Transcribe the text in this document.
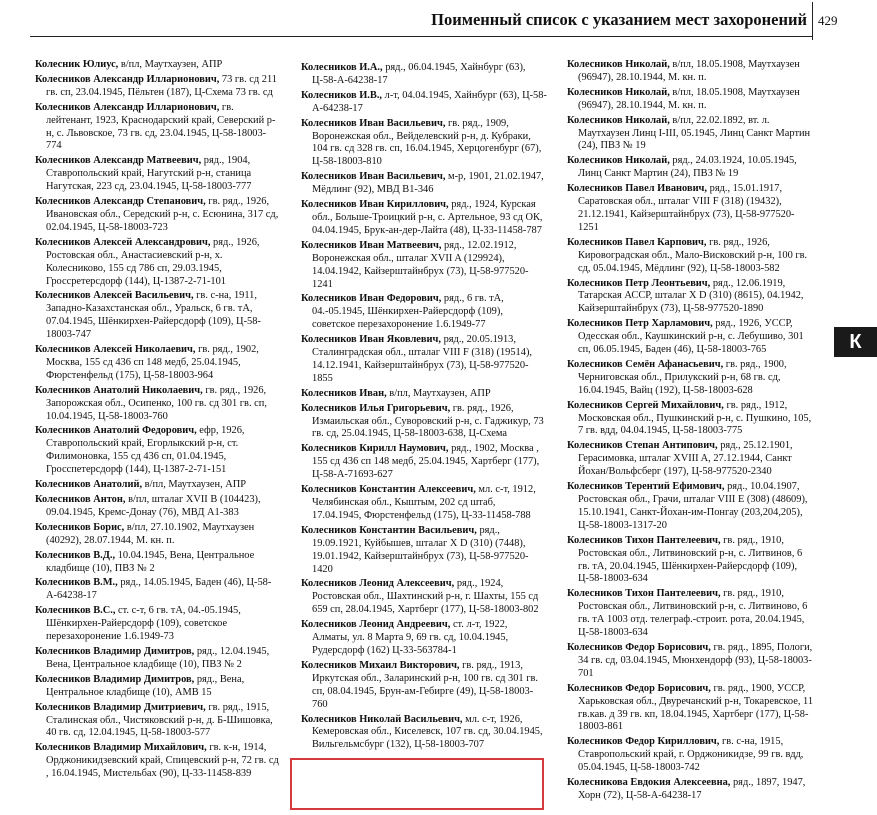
Поименный список с указанием мест захоронений 429

Колесник Юлиус, в/пл, Маутхаузен, АПР

Колесников Александр Илларионович, 73 гв. сд 211 гв. сп, 23.04.1945, Пёльтен (187), Ц-Схема 73 гв. сд

Колесников Александр Илларионович, гв. лейтенант, 1923, Краснодарский край, Северский р-н, с. Львовское, 73 гв. сд, 23.04.1945, Ц-58-18003-774

Колесников Александр Матвеевич, ряд., 1904, Ставропольский край, Нагутский р-н, станица Нагутская, 223 сд, 23.04.1945, Ц-58-18003-777

Колесников Александр Степанович, гв. ряд., 1926, Ивановская обл., Середский р-н, с. Есюнина, 317 сд, 02.04.1945, Ц-58-18003-723

Колесников Алексей Александрович, ряд., 1926, Ростовская обл., Анастасиевский р-н, х. Колесниково, 155 сд 786 сп, 29.03.1945, Гроссретерсдорф (144), Ц-1387-2-71-101

Колесников Алексей Васильевич, гв. с-на, 1911, Западно-Казахстанская обл., Уральск, 6 гв. тА, 07.04.1945, Шёнкирхен-Райерсдорф (109), Ц-58-18003-747

Колесников Алексей Николаевич, гв. ряд., 1902, Москва, 155 сд 436 сп 148 медб, 25.04.1945, Фюрстенфельд (175), Ц-58-18003-964

Колесников Анатолий Николаевич, гв. ряд., 1926, Запорожская обл., Осипенко, 100 гв. сд 301 гв. сп, 10.04.1945, Ц-58-18003-760

Колесников Анатолий Федорович, ефр, 1926, Ставропольский край, Егорлыкский р-н, ст. Филимоновка, 155 сд 436 сп, 01.04.1945, Гросспетерсдорф (144), Ц-1387-2-71-151

Колесников Анатолий, в/пл, Маутхаузен, АПР

Колесников Антон, в/пл, шталаг XVII B (104423), 09.04.1945, Кремс-Донау (76), МВД А1-383

Колесников Борис, в/пл, 27.10.1902, Маутхаузен (40292), 28.07.1944, М. кн. п.

Колесников В.Д., 10.04.1945, Вена, Центральное кладбище (10), ПВЗ № 2

Колесников В.М., ряд., 14.05.1945, Баден (46), Ц-58-А-64238-17

Колесников В.С., ст. с-т, 6 гв. тА, 04.-05.1945, Шёнкирхен-Райерсдорф (109), советское перезахоронение 1.6.1949-73

Колесников Владимир Димитров, ряд., 12.04.1945, Вена, Центральное кладбище (10), ПВЗ № 2

Колесников Владимир Димитров, ряд., Вена, Центральное кладбище (10), АМВ 15

Колесников Владимир Дмитриевич, гв. ряд., 1915, Сталинская обл., Чистяковский р-н, д. Б-Шишовка, 40 гв. сд, 12.04.1945, Ц-58-18003-577

Колесников Владимир Михайлович, гв. к-н, 1914, Орджоникидзевский край, Спицевский р-н, 72 гв. сд , 16.04.1945, Мистельбах (90), Ц-33-11458-839

Колесников И.А., ряд., 06.04.1945, Хайнбург (63), Ц-58-А-64238-17

Колесников И.В., л-т, 04.04.1945, Хайнбург (63), Ц-58-А-64238-17

Колесников Иван Васильевич, гв. ряд., 1909, Воронежская обл., Вейделевский р-н, д. Кубраки, 104 гв. сд 328 гв. сп, 16.04.1945, Херцогенбург (67), Ц-58-18003-810

Колесников Иван Васильевич, м-р, 1901, 21.02.1947, Мёдлинг (92), МВД В1-346

Колесников Иван Кириллович, ряд., 1924, Курская обл., Больше-Троицкий р-н, с. Артельное, 93 сд ОК, 04.04.1945, Брук-ан-дер-Лайта (48), Ц-33-11458-787

Колесников Иван Матвеевич, ряд., 12.02.1912, Воронежская обл., шталаг XVII A (129924), 14.04.1942, Кайзерштайнбрух (73), Ц-58-977520-1241

Колесников Иван Федорович, ряд., 6 гв. тА, 04.-05.1945, Шёнкирхен-Райерсдорф (109), советское перезахоронение 1.6.1949-77

Колесников Иван Яковлевич, ряд., 20.05.1913, Сталинградская обл., шталаг VIII F (318) (19514), 14.12.1941, Кайзерштайнбрух (73), Ц-58-977520-1855

Колесников Иван, в/пл, Маутхаузен, АПР

Колесников Илья Григорьевич, гв. ряд., 1926, Измаильская обл., Суворовский р-н, с. Гаджикур, 73 гв. сд, 25.04.1945, Ц-58-18003-638, Ц-Схема

Колесников Кирилл Наумович, ряд., 1902, Москва , 155 сд 436 сп 148 медб, 25.04.1945, Хартберг (177), Ц-58-А-71693-627

Колесников Константин Алексеевич, мл. с-т, 1912, Челябинская обл., Кыштым, 202 сд штаб, 17.04.1945, Фюрстенфельд (175), Ц-33-11458-788

Колесников Константин Васильевич, ряд., 19.09.1921, Куйбышев, шталаг X D (310) (7448), 19.01.1942, Кайзерштайнбрух (73), Ц-58-977520-1420

Колесников Леонид Алексеевич, ряд., 1924, Ростовская обл., Шахтинский р-н, г. Шахты, 155 сд 659 сп, 28.04.1945, Хартберг (177), Ц-58-18003-802

Колесников Леонид Андреевич, ст. л-т, 1922, Алматы, ул. 8 Марта 9, 69 гв. сд, 10.04.1945, Рудерсдорф (162) Ц-33-563784-1

Колесников Михаил Викторович, гв. ряд., 1913, Иркутская обл., Заларинский р-н, 100 гв. сд 301 гв. сп, 08.04.1945, Брун-ам-Гебирге (49), Ц-58-18003-760

Колесников Николай Васильевич, мл. с-т, 1926, Кемеровская обл., Киселевск, 107 гв. сд, 30.04.1945, Вильгельмсбург (132), Ц-58-18003-707

Колесников Николай, в/пл, 18.05.1908, Маутхаузен (96947), 28.10.1944, М. кн. п.

Колесников Николай, в/пл, 18.05.1908, Маутхаузен (96947), 28.10.1944, М. кн. п.

Колесников Николай, в/пл, 22.02.1892, вт. л. Маутхаузен Линц I-III, 05.1945, Линц Санкт Мартин (24), ПВЗ № 19

Колесников Николай, ряд., 24.03.1924, 10.05.1945, Линц Санкт Мартин (24), ПВЗ № 19

Колесников Павел Иванович, ряд., 15.01.1917, Саратовская обл., шталаг VIII F (318) (19432), 21.12.1941, Кайзерштайнбрух (73), Ц-58-977520-1251

Колесников Павел Карпович, гв. ряд., 1926, Кировоградская обл., Мало-Висковский р-н, 100 гв. сд, 05.04.1945, Мёдлинг (92), Ц-58-18003-582

Колесников Петр Леонтьевич, ряд., 12.06.1919, Татарская АССР, шталаг X D (310) (8615), 04.1942, Кайзерштайнбрух (73), Ц-58-977520-1890

Колесников Петр Харламович, ряд., 1926, УССР, Одесская обл., Каушкинский р-н, с. Лебушиво, 301 сп, 06.05.1945, Баден (46), Ц-58-18003-765

Колесников Семён Афанасьевич, гв. ряд., 1900, Черниговская обл., Прилукский р-н, 68 гв. сд, 16.04.1945, Вайц (192), Ц-58-18003-628

Колесников Сергей Михайлович, гв. ряд., 1912, Московская обл., Пушкинский р-н, с. Пушкино, 105, 7 гв. вдд, 04.04.1945, Ц-58-18003-775

Колесников Степан Антипович, ряд., 25.12.1901, Герасимовка, шталаг XVIII A, 27.12.1944, Санкт Йохан/Вольфсберг (197), Ц-58-977520-2340

Колесников Терентий Ефимович, ряд., 10.04.1907, Ростовская обл., Грачи, шталаг VIII E (308) (48609), 15.10.1941, Санкт-Йохан-им-Понгау (203,204,205), Ц-58-18003-1317-20

Колесников Тихон Пантелеевич, гв. ряд., 1910, Ростовская обл., Литвиновский р-н, с. Литвинов, 6 гв. тА, 20.04.1945, Шёнкирхен-Райерсдорф (109), Ц-58-18003-634

Колесников Тихон Пантелеевич, гв. ряд., 1910, Ростовская обл., Литвиновский р-н, с. Литвиново, 6 гв. тА 1003 отд. телеграф.-строит. рота, 20.04.1945, Ц-58-18003-634

Колесников Федор Борисович, гв. ряд., 1895, Пологи, 34 гв. сд, 03.04.1945, Мюнхендорф (93), Ц-58-18003-701

Колесников Федор Борисович, гв. ряд., 1900, УССР, Харьковская обл., Двуречанский р-н, Токаревское, 11 гв.кав. д 39 гв. кп, 18.04.1945, Хартберг (177), Ц-58-18003-861

Колесников Федор Кириллович, гв. с-на, 1915, Ставропольский край, г. Орджоникидзе, 99 гв. вдд, 05.04.1945, Ц-58-18003-742

Колесникова Евдокия Алексеевна, ряд., 1897, 1947, Хорн (72), Ц-58-А-64238-17

К
